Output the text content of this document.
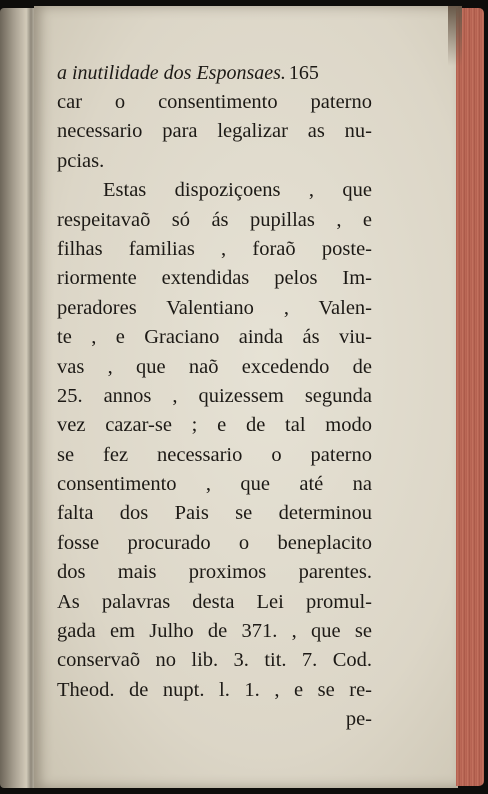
a inutilidade dos Esponsaes. 165
car o consentimento paterno
necessario para legalizar as nu-
pcias.
Estas dispoziçoens , que
respeitavaõ só ás pupillas , e
filhas familias , foraõ poste-
riormente extendidas pelos Im-
peradores Valentiano , Valen-
te , e Graciano ainda ás viu-
vas , que naõ excedendo de
25. annos , quizessem segunda
vez cazar-se ; e de tal modo
se fez necessario o paterno
consentimento , que até na
falta dos Pais se determinou
fosse procurado o beneplacito
dos mais proximos parentes.
As palavras desta Lei promul-
gada em Julho de 371. , que se
conservaõ no lib. 3. tit. 7. Cod.
Theod. de nupt. l. 1. , e se re-
pe-
